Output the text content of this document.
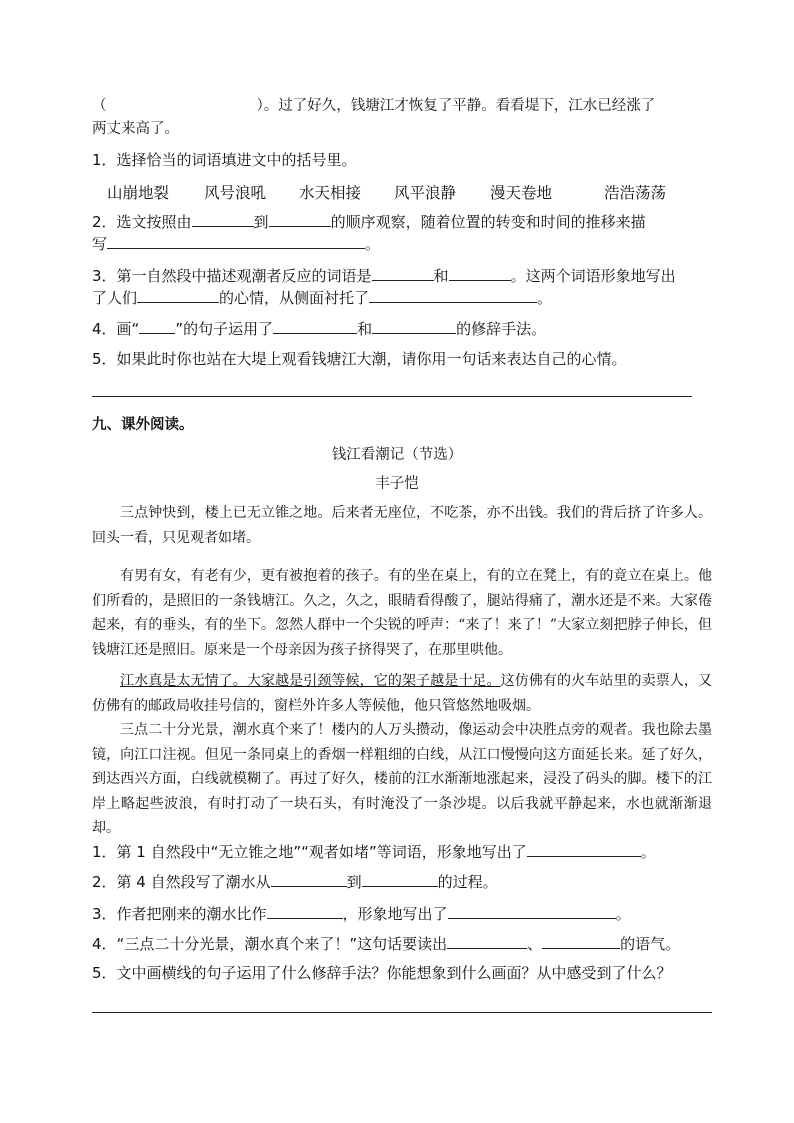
（	）。过了好久，钱塘江才恢复了平静。看看堤下，江水已经涨了
两丈来高了。
1．选择恰当的词语填进文中的括号里。
山崩地裂 风号浪吼 水天相接 风平浪静 漫天卷地	浩浩荡荡
2．选文按照由	到	的顺序观察，随着位置的转变和时间的推移来描
写	。
3．第一自然段中描述观潮者反应的词语是	和	。这两个词语形象地写出
了人们	的心情，从侧面衬托了	。
4．画“ ”的句子运用了	和	的修辞手法。
5．如果此时你也站在大堤上观看钱塘江大潮，请你用一句话来表达自己的心情。
九、课外阅读。
钱江看潮记（节选）
丰子恺
三点钟快到，楼上已无立锥之地。后来者无座位，不吃茶，亦不出钱。我们的背后挤了许多人。回头一看，只见观者如堵。
有男有女，有老有少，更有被抱着的孩子。有的坐在桌上，有的立在凳上，有的竟立在桌上。他们所看的，是照旧的一条钱塘江。久之，久之，眼睛看得酸了，腿站得痛了，潮水还是不来。大家倦起来，有的垂头，有的坐下。忽然人群中一个尖锐的呼声：“来了！来了！”大家立刻把脖子伸长，但钱塘江还是照旧。原来是一个母亲因为孩子挤得哭了，在那里哄他。
江水真是太无情了。大家越是引颈等候，它的架子越是十足。这仿佛有的火车站里的卖票人，又仿佛有的邮政局收挂号信的，窗栏外许多人等候他，他只管悠然地吸烟。
三点二十分光景，潮水真个来了！楼内的人万头攒动，像运动会中决胜点旁的观者。我也除去墨镜，向江口注视。但见一条同桌上的香烟一样粗细的白线，从江口慢慢向这方面延长来。延了好久，到达西兴方面，白线就模糊了。再过了好久，楼前的江水渐渐地涨起来，浸没了码头的脚。楼下的江岸上略起些波浪，有时打动了一块石头，有时淹没了一条沙堤。以后我就平静起来，水也就渐渐退却。
1．第 1 自然段中“无立锥之地”“观者如堵”等词语，形象地写出了	。
2．第 4 自然段写了潮水从	到	的过程。
3．作者把刚来的潮水比作	，形象地写出了	。
4．“三点二十分光景，潮水真个来了！”这句话要读出	、	的语气。
5．文中画横线的句子运用了什么修辞手法？你能想象到什么画面？从中感受到了什么？
